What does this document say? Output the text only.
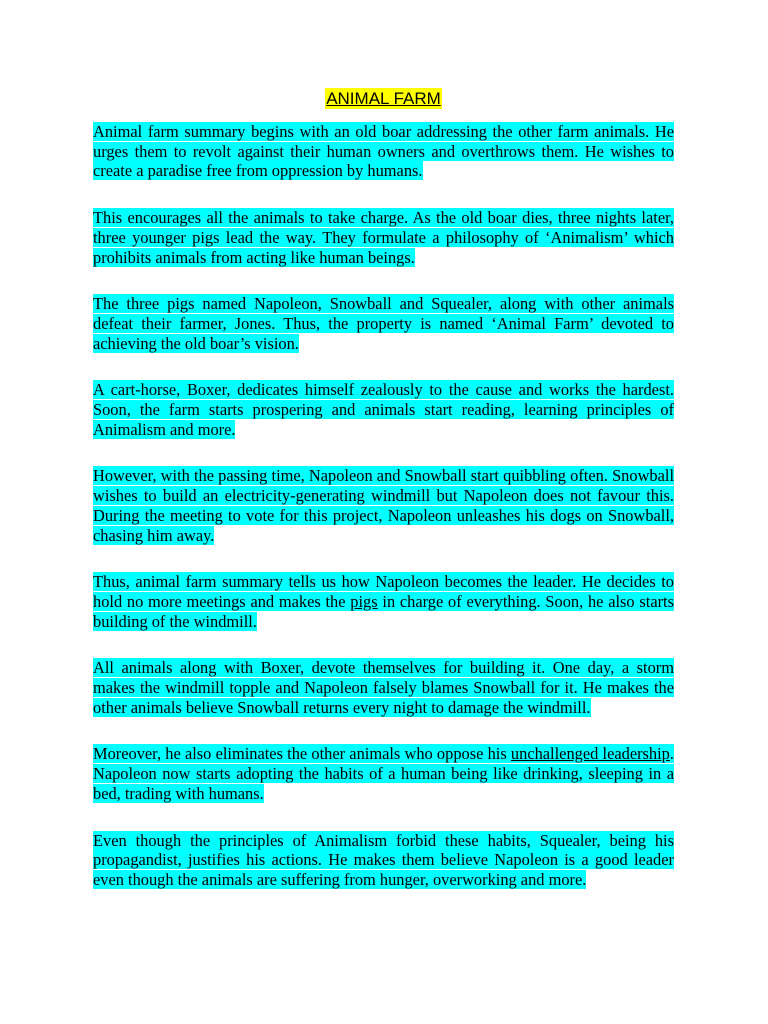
ANIMAL FARM

Animal farm summary begins with an old boar addressing the other farm animals. He urges them to revolt against their human owners and overthrows them. He wishes to create a paradise free from oppression by humans.

This encourages all the animals to take charge. As the old boar dies, three nights later, three younger pigs lead the way. They formulate a philosophy of ‘Animalism’ which prohibits animals from acting like human beings.

The three pigs named Napoleon, Snowball and Squealer, along with other animals defeat their farmer, Jones. Thus, the property is named ‘Animal Farm’ devoted to achieving the old boar’s vision.

A cart-horse, Boxer, dedicates himself zealously to the cause and works the hardest. Soon, the farm starts prospering and animals start reading, learning principles of Animalism and more.

However, with the passing time, Napoleon and Snowball start quibbling often. Snowball wishes to build an electricity-generating windmill but Napoleon does not favour this. During the meeting to vote for this project, Napoleon unleashes his dogs on Snowball, chasing him away.

Thus, animal farm summary tells us how Napoleon becomes the leader. He decides to hold no more meetings and makes the pigs in charge of everything. Soon, he also starts building of the windmill.

All animals along with Boxer, devote themselves for building it. One day, a storm makes the windmill topple and Napoleon falsely blames Snowball for it. He makes the other animals believe Snowball returns every night to damage the windmill.

Moreover, he also eliminates the other animals who oppose his unchallenged leadership. Napoleon now starts adopting the habits of a human being like drinking, sleeping in a bed, trading with humans.

Even though the principles of Animalism forbid these habits, Squealer, being his propagandist, justifies his actions. He makes them believe Napoleon is a good leader even though the animals are suffering from hunger, overworking and more.
